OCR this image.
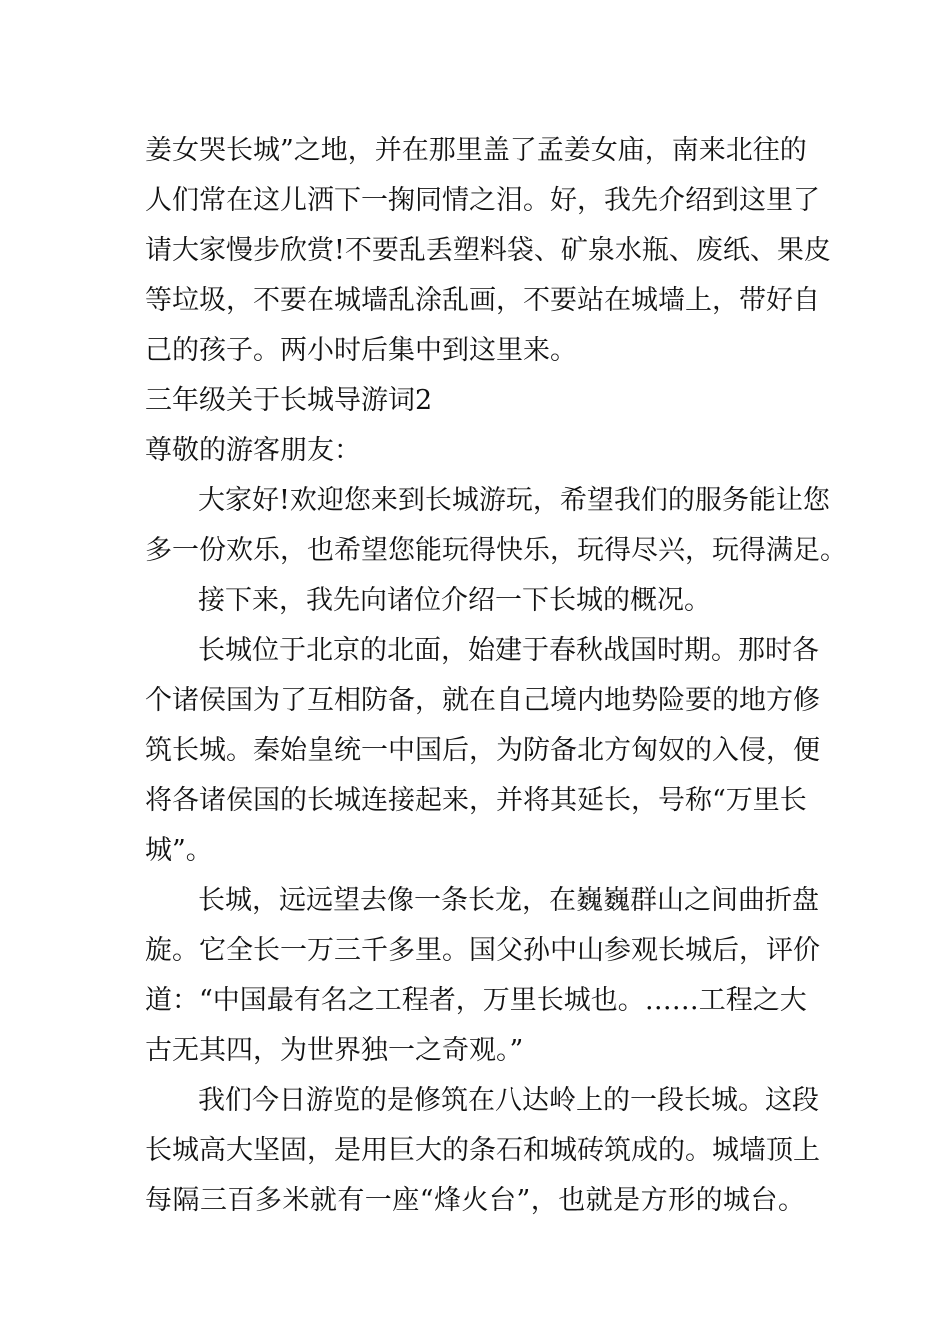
姜女哭长城”之地，并在那里盖了孟姜女庙，南来北往的
人们常在这儿洒下一掬同情之泪。好，我先介绍到这里了
请大家慢步欣赏!不要乱丢塑料袋、矿泉水瓶、废纸、果皮
等垃圾，不要在城墙乱涂乱画，不要站在城墙上，带好自
己的孩子。两小时后集中到这里来。
三年级关于长城导游词2
尊敬的游客朋友：
大家好!欢迎您来到长城游玩，希望我们的服务能让您
多一份欢乐，也希望您能玩得快乐，玩得尽兴，玩得满足。
接下来，我先向诸位介绍一下长城的概况。
长城位于北京的北面，始建于春秋战国时期。那时各
个诸侯国为了互相防备，就在自己境内地势险要的地方修
筑长城。秦始皇统一中国后，为防备北方匈奴的入侵，便
将各诸侯国的长城连接起来，并将其延长，号称“万里长
城”。
长城，远远望去像一条长龙，在巍巍群山之间曲折盘
旋。它全长一万三千多里。国父孙中山参观长城后，评价
道：“中国最有名之工程者，万里长城也。……工程之大
古无其四，为世界独一之奇观。”
我们今日游览的是修筑在八达岭上的一段长城。这段
长城高大坚固，是用巨大的条石和城砖筑成的。城墙顶上
每隔三百多米就有一座“烽火台”，也就是方形的城台。
